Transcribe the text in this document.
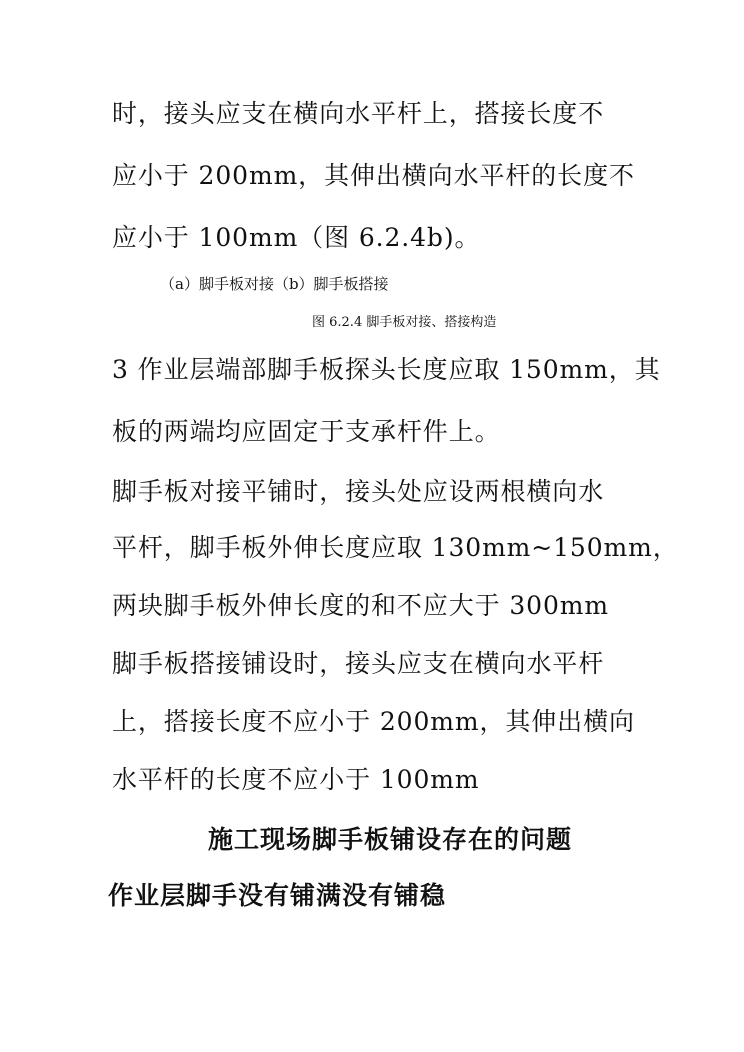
时，接头应支在横向水平杆上，搭接长度不
应小于 200mm，其伸出横向水平杆的长度不
应小于 100mm（图 6.2.4b)。
（a）脚手板对接（b）脚手板搭接
图 6.2.4 脚手板对接、搭接构造
3 作业层端部脚手板探头长度应取 150mm，其
板的两端均应固定于支承杆件上。
脚手板对接平铺时，接头处应设两根横向水
平杆，脚手板外伸长度应取 130mm~150mm，
两块脚手板外伸长度的和不应大于 300mm
脚手板搭接铺设时，接头应支在横向水平杆
上，搭接长度不应小于 200mm，其伸出横向
水平杆的长度不应小于 100mm
施工现场脚手板铺设存在的问题
作业层脚手没有铺满没有铺稳
